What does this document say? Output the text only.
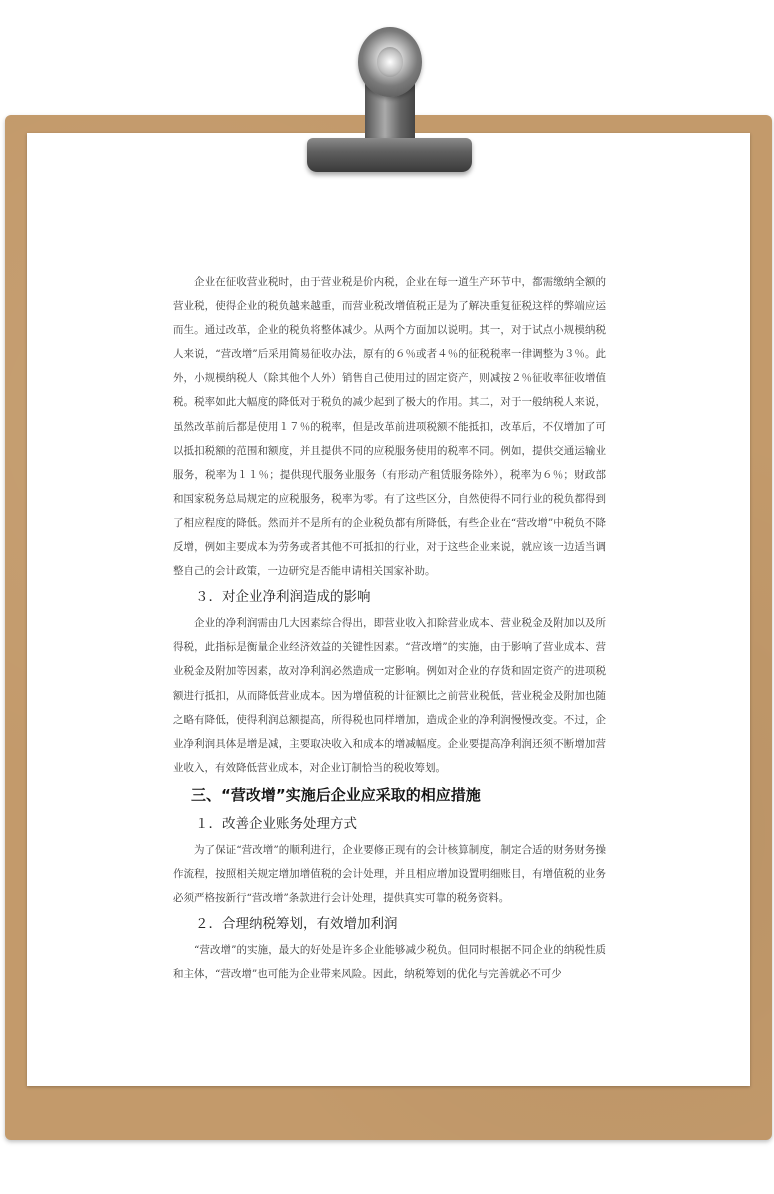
企业在征收营业税时，由于营业税是价内税，企业在每一道生产环节中，都需缴纳全额的营业税，使得企业的税负越来越重，而营业税改增值税正是为了解决重复征税这样的弊端应运而生。通过改革，企业的税负将整体减少。从两个方面加以说明。其一，对于试点小规模纳税人来说，“营改增”后采用简易征收办法，原有的６％或者４％的征税税率一律调整为３％。此外，小规模纳税人（除其他个人外）销售自己使用过的固定资产，则减按２％征收率征收增值税。税率如此大幅度的降低对于税负的减少起到了极大的作用。其二，对于一般纳税人来说，虽然改革前后都是使用１７％的税率，但是改革前进项税额不能抵扣，改革后，不仅增加了可以抵扣税额的范围和额度，并且提供不同的应税服务使用的税率不同。例如，提供交通运输业服务，税率为１１％；提供现代服务业服务（有形动产租赁服务除外），税率为６％；财政部和国家税务总局规定的应税服务，税率为零。有了这些区分，自然使得不同行业的税负都得到了相应程度的降低。然而并不是所有的企业税负都有所降低，有些企业在“营改增”中税负不降反增，例如主要成本为劳务或者其他不可抵扣的行业，对于这些企业来说，就应该一边适当调整自己的会计政策，一边研究是否能申请相关国家补助。

３．对企业净利润造成的影响

企业的净利润需由几大因素综合得出，即营业收入扣除营业成本、营业税金及附加以及所得税，此指标是衡量企业经济效益的关键性因素。“营改增”的实施，由于影响了营业成本、营业税金及附加等因素，故对净利润必然造成一定影响。例如对企业的存货和固定资产的进项税额进行抵扣，从而降低营业成本。因为增值税的计征额比之前营业税低，营业税金及附加也随之略有降低，使得利润总额提高，所得税也同样增加，造成企业的净利润慢慢改变。不过，企业净利润具体是增是减，主要取决收入和成本的增减幅度。企业要提高净利润还须不断增加营业收入，有效降低营业成本，对企业订制恰当的税收筹划。

三、“营改增”实施后企业应采取的相应措施

１．改善企业账务处理方式

为了保证“营改增”的顺利进行，企业要修正现有的会计核算制度，制定合适的财务财务操作流程，按照相关规定增加增值税的会计处理，并且相应增加设置明细账目，有增值税的业务必须严格按新行“营改增”条款进行会计处理，提供真实可靠的税务资料。

２．合理纳税筹划，有效增加利润

“营改增”的实施，最大的好处是许多企业能够减少税负。但同时根据不同企业的纳税性质和主体，“营改增”也可能为企业带来风险。因此，纳税筹划的优化与完善就必不可少
